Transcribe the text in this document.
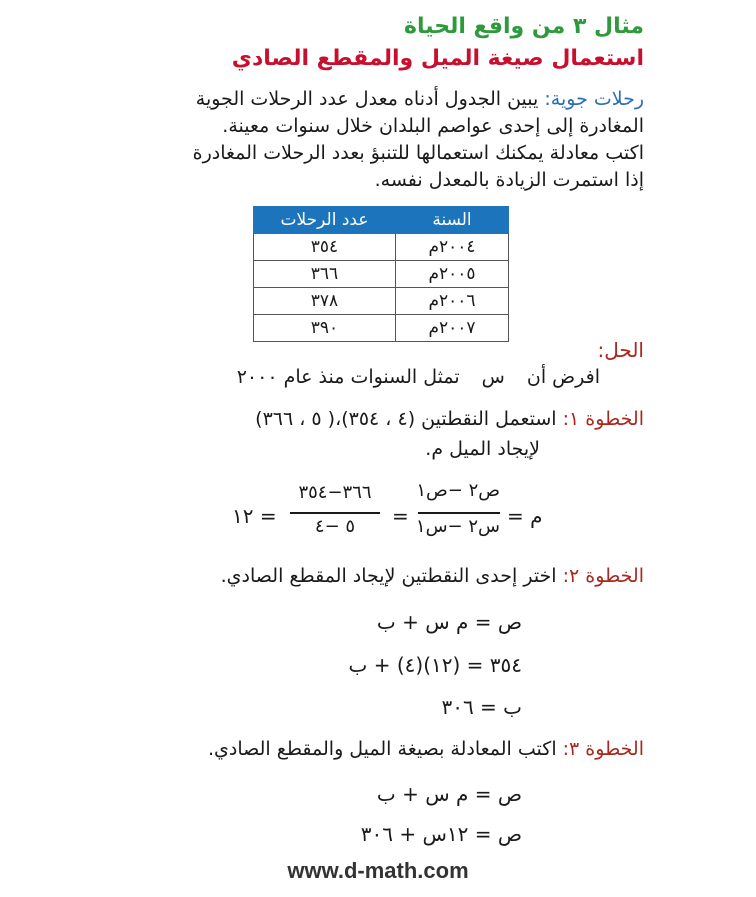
مثال ٣ من واقع الحياة
استعمال صيغة الميل والمقطع الصادي
رحلات جوية: يبين الجدول أدناه معدل عدد الرحلات الجوية
المغادرة إلى إحدى عواصم البلدان خلال سنوات معينة.
اكتب معادلة يمكنك استعمالها للتنبؤ بعدد الرحلات المغادرة
إذا استمرت الزيادة بالمعدل نفسه.
السنة	عدد الرحلات
٢٠٠٤م	٣٥٤
٢٠٠٥م	٣٦٦
٢٠٠٦م	٣٧٨
٢٠٠٧م	٣٩٠
الحل:
افرض أن س تمثل السنوات منذ عام ٢٠٠٠
الخطوة ١: استعمل النقطتين (٤ ، ٣٥٤)،( ٥ ، ٣٦٦)
لإيجاد الميل م.
م =
ص٢ −ص١
س٢ −س١
=
٣٦٦−٣٥٤
٥ −٤
= ١٢
الخطوة ٢: اختر إحدى النقطتين لإيجاد المقطع الصادي.
ص = م س + ب
٣٥٤ = (١٢)(٤) + ب
ب = ٣٠٦
الخطوة ٣: اكتب المعادلة بصيغة الميل والمقطع الصادي.
ص = م س + ب
ص = ١٢س + ٣٠٦
www.d-math.com
